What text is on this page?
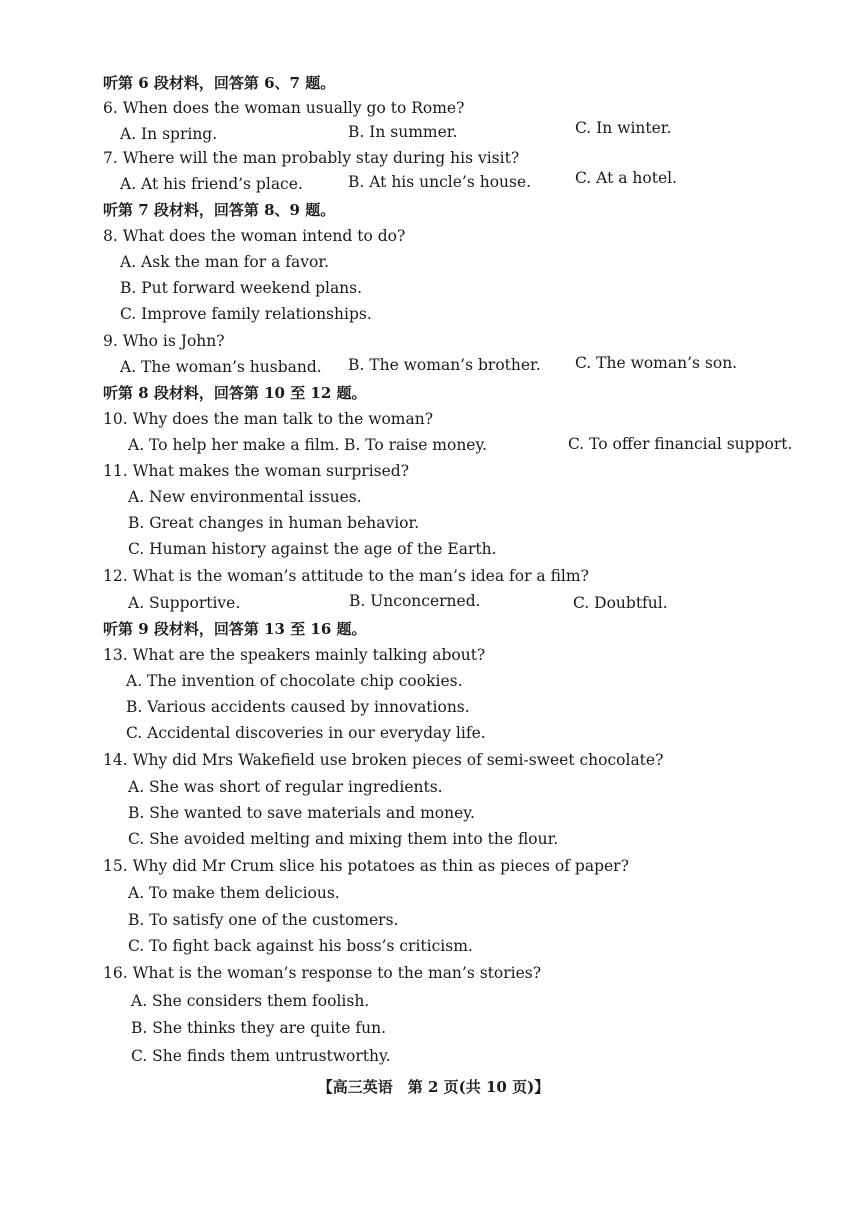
听第 6 段材料，回答第 6、7 题。
6. When does the woman usually go to Rome?
A. In spring.	B. In summer.	C. In winter.
7. Where will the man probably stay during his visit?
A. At his friend’s place.	B. At his uncle’s house.	C. At a hotel.
听第 7 段材料，回答第 8、9 题。
8. What does the woman intend to do?
A. Ask the man for a favor.
B. Put forward weekend plans.
C. Improve family relationships.
9. Who is John?
A. The woman’s husband. B. The woman’s brother. C. The woman’s son.
听第 8 段材料，回答第 10 至 12 题。
10. Why does the man talk to the woman?
A. To help her make a film. B. To raise money.	C. To offer financial support.
11. What makes the woman surprised?
A. New environmental issues.
B. Great changes in human behavior.
C. Human history against the age of the Earth.
12. What is the woman’s attitude to the man’s idea for a film?
A. Supportive.	B. Unconcerned.	C. Doubtful.
听第 9 段材料，回答第 13 至 16 题。
13. What are the speakers mainly talking about?
A. The invention of chocolate chip cookies.
B. Various accidents caused by innovations.
C. Accidental discoveries in our everyday life.
14. Why did Mrs Wakefield use broken pieces of semi-sweet chocolate?
A. She was short of regular ingredients.
B. She wanted to save materials and money.
C. She avoided melting and mixing them into the flour.
15. Why did Mr Crum slice his potatoes as thin as pieces of paper?
A. To make them delicious.
B. To satisfy one of the customers.
C. To fight back against his boss’s criticism.
16. What is the woman’s response to the man’s stories?
A. She considers them foolish.
B. She thinks they are quite fun.
C. She finds them untrustworthy.
【高三英语　第 2 页(共 10 页)】
